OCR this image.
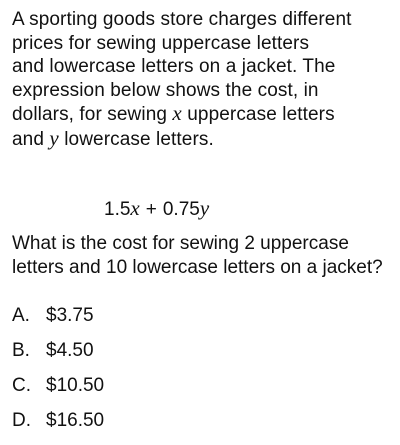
A sporting goods store charges different
prices for sewing uppercase letters
and lowercase letters on a jacket. The
expression below shows the cost, in
dollars, for sewing x uppercase letters
and y lowercase letters.
1.5x + 0.75y
What is the cost for sewing 2 uppercase
letters and 10 lowercase letters on a jacket?
A. $3.75
B. $4.50
C. $10.50
D. $16.50
